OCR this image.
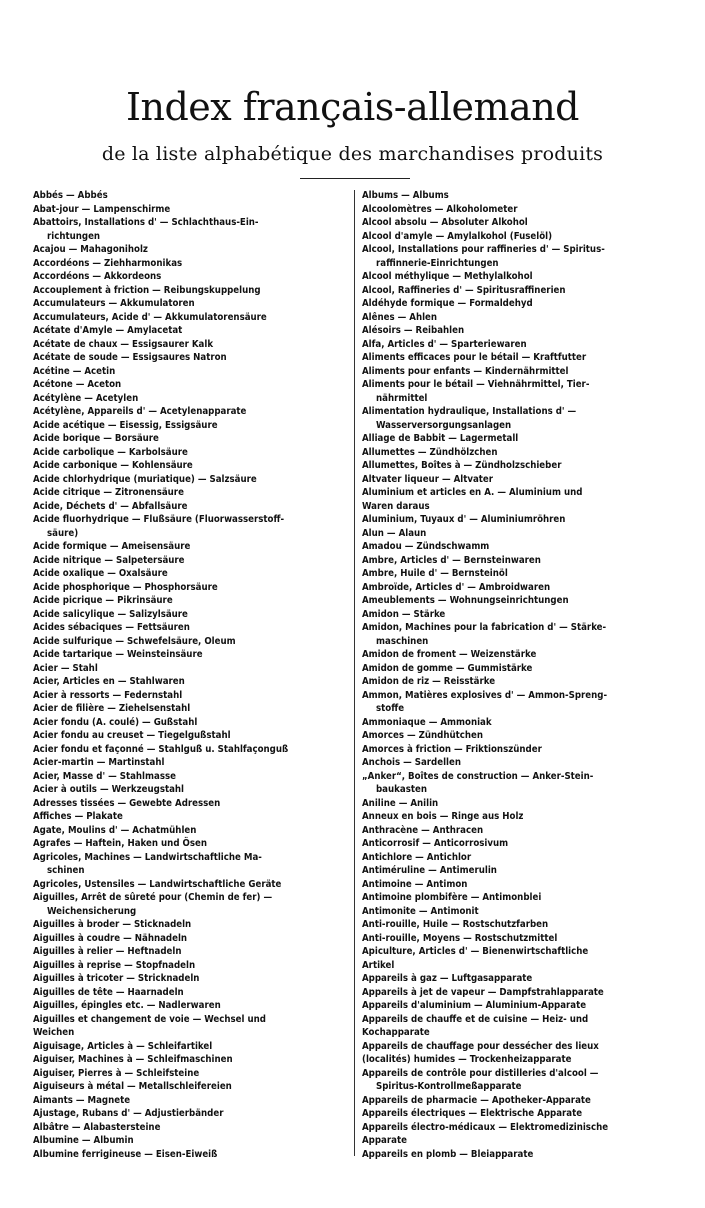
Index français-allemand
de la liste alphabétique des marchandises produits
Abbés — Abbés
Abat-jour — Lampenschirme
Abattoirs, Installations d' — Schlachthaus-Ein-
richtungen
Acajou — Mahagoniholz
Accordéons — Ziehharmonikas
Accordéons — Akkordeons
Accouplement à friction — Reibungskuppelung
Accumulateurs — Akkumulatoren
Accumulateurs, Acide d' — Akkumulatorensäure
Acétate d'Amyle — Amylacetat
Acétate de chaux — Essigsaurer Kalk
Acétate de soude — Essigsaures Natron
Acétine — Acetin
Acétone — Aceton
Acétylène — Acetylen
Acétylène, Appareils d' — Acetylenapparate
Acide acétique — Eisessig, Essigsäure
Acide borique — Borsäure
Acide carbolique — Karbolsäure
Acide carbonique — Kohlensäure
Acide chlorhydrique (muriatique) — Salzsäure
Acide citrique — Zitronensäure
Acide, Déchets d' — Abfallsäure
Acide fluorhydrique — Flußsäure (Fluorwasserstoff-
säure)
Acide formique — Ameisensäure
Acide nitrique — Salpetersäure
Acide oxalique — Oxalsäure
Acide phosphorique — Phosphorsäure
Acide picrique — Pikrinsäure
Acide salicylique — Salizylsäure
Acides sébaciques — Fettsäuren
Acide sulfurique — Schwefelsäure, Oleum
Acide tartarique — Weinsteinsäure
Acier — Stahl
Acier, Articles en — Stahlwaren
Acier à ressorts — Federnstahl
Acier de filière — Ziehelsenstahl
Acier fondu (A. coulé) — Gußstahl
Acier fondu au creuset — Tiegelgußstahl
Acier fondu et façonné — Stahlguß u. Stahlfaçonguß
Acier-martin — Martinstahl
Acier, Masse d' — Stahlmasse
Acier à outils — Werkzeugstahl
Adresses tissées — Gewebte Adressen
Affiches — Plakate
Agate, Moulins d' — Achatmühlen
Agrafes — Haftein, Haken und Ösen
Agricoles, Machines — Landwirtschaftliche Ma-
schinen
Agricoles, Ustensiles — Landwirtschaftliche Geräte
Aiguilles, Arrêt de sûreté pour (Chemin de fer) —
Weichensicherung
Aiguilles à broder — Sticknadeln
Aiguilles à coudre — Nähnadeln
Aiguilles à relier — Heftnadeln
Aiguilles à reprise — Stopfnadeln
Aiguilles à tricoter — Stricknadeln
Aiguilles de tête — Haarnadeln
Aiguilles, épingles etc. — Nadlerwaren
Aiguilles et changement de voie — Wechsel und
Weichen
Aiguisage, Articles à — Schleifartikel
Aiguiser, Machines à — Schleifmaschinen
Aiguiser, Pierres à — Schleifsteine
Aiguiseurs à métal — Metallschleifereien
Aimants — Magnete
Ajustage, Rubans d' — Adjustierbänder
Albâtre — Alabastersteine
Albumine — Albumin
Albumine ferrigineuse — Eisen-Eiweiß
Albums — Albums
Alcoolomètres — Alkoholometer
Alcool absolu — Absoluter Alkohol
Alcool d'amyle — Amylalkohol (Fuselöl)
Alcool, Installations pour raffineries d' — Spiritus-
raffinnerie-Einrichtungen
Alcool méthylique — Methylalkohol
Alcool, Raffineries d' — Spiritusraffinerien
Aldéhyde formique — Formaldehyd
Alênes — Ahlen
Alésoirs — Reibahlen
Alfa, Articles d' — Sparteriewaren
Aliments efficaces pour le bétail — Kraftfutter
Aliments pour enfants — Kindernährmittel
Aliments pour le bétail — Viehnährmittel, Tier-
nährmittel
Alimentation hydraulique, Installations d' —
Wasserversorgungsanlagen
Alliage de Babbit — Lagermetall
Allumettes — Zündhölzchen
Allumettes, Boîtes à — Zündholzschieber
Altvater liqueur — Altvater
Aluminium et articles en A. — Aluminium und
Waren daraus
Aluminium, Tuyaux d' — Aluminiumröhren
Alun — Alaun
Amadou — Zündschwamm
Ambre, Articles d' — Bernsteinwaren
Ambre, Huile d' — Bernsteinöl
Ambroïde, Articles d' — Ambroidwaren
Ameublements — Wohnungseinrichtungen
Amidon — Stärke
Amidon, Machines pour la fabrication d' — Stärke-
maschinen
Amidon de froment — Weizenstärke
Amidon de gomme — Gummistärke
Amidon de riz — Reisstärke
Ammon, Matières explosives d' — Ammon-Spreng-
stoffe
Ammoniaque — Ammoniak
Amorces — Zündhütchen
Amorces à friction — Friktionszünder
Anchois — Sardellen
„Anker“, Boîtes de construction — Anker-Stein-
baukasten
Aniline — Anilin
Anneux en bois — Ringe aus Holz
Anthracène — Anthracen
Anticorrosif — Anticorrosivum
Antichlore — Antichlor
Antiméruline — Antimerulin
Antimoine — Antimon
Antimoine plombifère — Antimonblei
Antimonite — Antimonit
Anti-rouille, Huile — Rostschutzfarben
Anti-rouille, Moyens — Rostschutzmittel
Apiculture, Articles d' — Bienenwirtschaftliche
Artikel
Appareils à gaz — Luftgasapparate
Appareils à jet de vapeur — Dampfstrahlapparate
Appareils d'aluminium — Aluminium-Apparate
Appareils de chauffe et de cuisine — Heiz- und
Kochapparate
Appareils de chauffage pour dessécher des lieux
(localités) humides — Trockenheizapparate
Appareils de contrôle pour distilleries d'alcool —
Spiritus-Kontrollmeßapparate
Appareils de pharmacie — Apotheker-Apparate
Appareils électriques — Elektrische Apparate
Appareils électro-médicaux — Elektromedizinische
Apparate
Appareils en plomb — Bleiapparate
